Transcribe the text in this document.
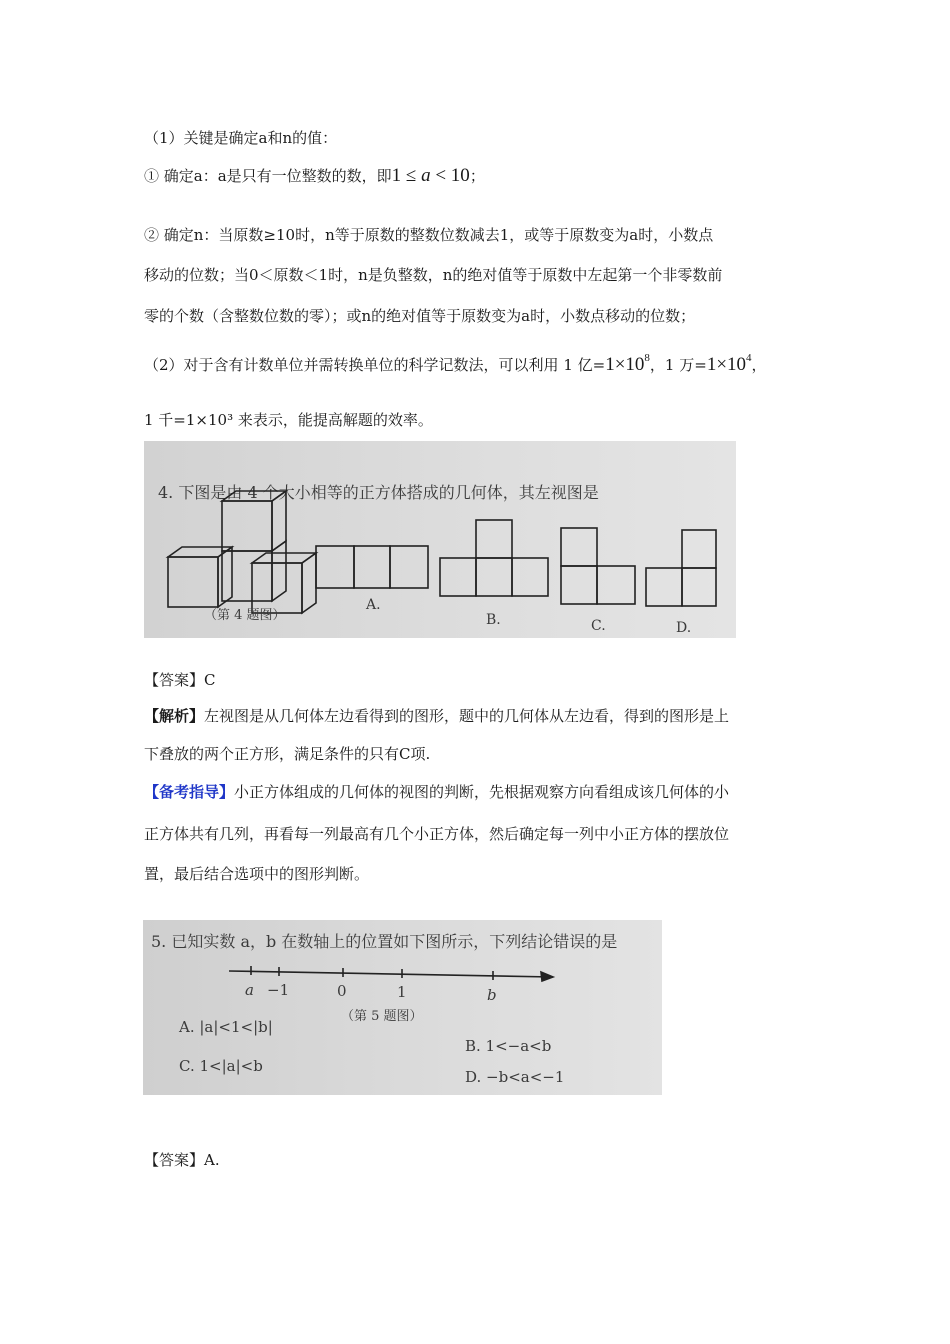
（1）关键是确定a和n的值：
① 确定a：a是只有一位整数的数，即1 ≤ a < 10；
② 确定n：当原数≥10时，n等于原数的整数位数减去1，或等于原数变为a时，小数点
移动的位数；当0＜原数＜1时，n是负整数，n的绝对值等于原数中左起第一个非零数前
零的个数（含整数位数的零）；或n的绝对值等于原数变为a时，小数点移动的位数；
（2）对于含有计数单位并需转换单位的科学记数法，可以利用 1 亿$=1\times 10^8$，1 万$=1\times 10^4$，
1 千=1×10³ 来表示，能提高解题的效率。
4. 下图是由 4 个大小相等的正方体搭成的几何体，其左视图是
（第 4 题图）
A.
B.	C.	D.
【答案】C
【解析】左视图是从几何体左边看得到的图形，题中的几何体从左边看，得到的图形是上
下叠放的两个正方形，满足条件的只有C项.
【备考指导】小正方体组成的几何体的视图的判断，先根据观察方向看组成该几何体的小
正方体共有几列，再看每一列最高有几个小正方体，然后确定每一列中小正方体的摆放位
置，最后结合选项中的图形判断。
5. 已知实数 a，b 在数轴上的位置如下图所示，下列结论错误的是
a −1	0	1	b
（第 5 题图）
A. |a|<1<|b|
C. 1<|a|<b
B. 1<−a<b
D. −b<a<−1
【答案】A.
